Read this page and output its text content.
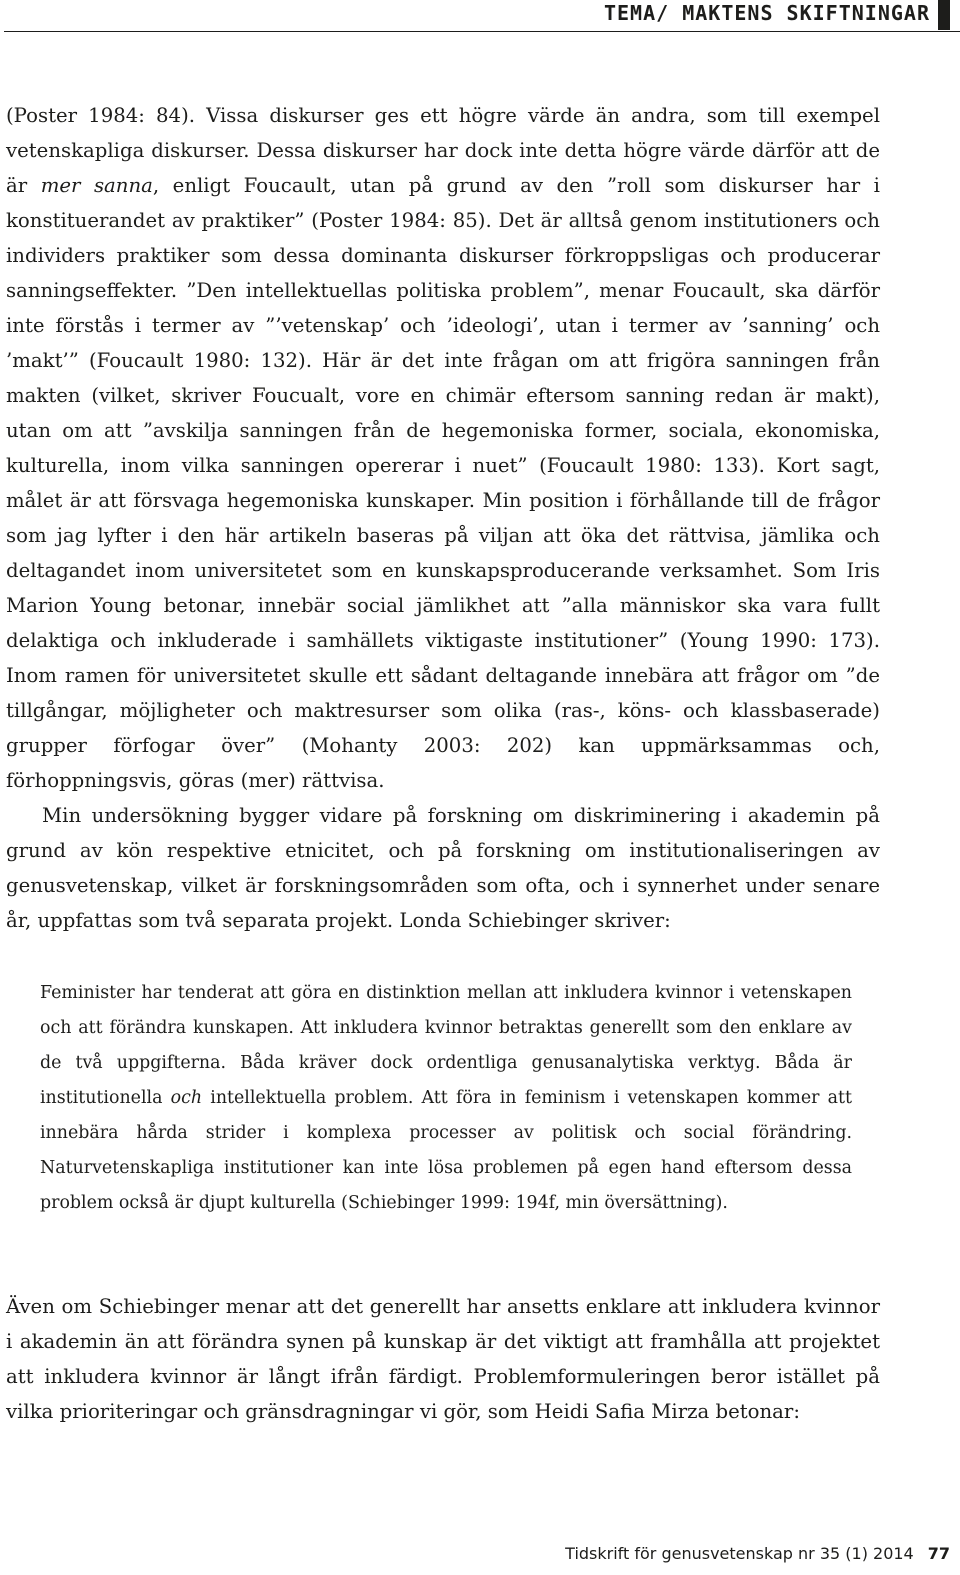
TEMA/ MAKTENS SKIFTNINGAR

(Poster 1984: 84). Vissa diskurser ges ett högre värde än andra, som till exempel vetenskapliga diskurser. Dessa diskurser har dock inte detta högre värde därför att de är mer sanna, enligt Foucault, utan på grund av den ”roll som diskurser har i konstituerandet av praktiker” (Poster 1984: 85). Det är alltså genom institutioners och individers praktiker som dessa dominanta diskurser förkroppsligas och producerar sanningseffekter. ”Den intellektuellas politiska problem”, menar Foucault, ska därför inte förstås i termer av ”’vetenskap’ och ’ideologi’, utan i termer av ’sanning’ och ’makt’” (Foucault 1980: 132). Här är det inte frågan om att frigöra sanningen från makten (vilket, skriver Foucualt, vore en chimär eftersom sanning redan är makt), utan om att ”avskilja sanningen från de hegemoniska former, sociala, ekonomiska, kulturella, inom vilka sanningen opererar i nuet” (Foucault 1980: 133). Kort sagt, målet är att försvaga hegemoniska kunskaper. Min position i förhållande till de frågor som jag lyfter i den här artikeln baseras på viljan att öka det rättvisa, jämlika och deltagandet inom universitetet som en kunskapsproducerande verksamhet. Som Iris Marion Young betonar, innebär social jämlikhet att ”alla människor ska vara fullt delaktiga och inkluderade i samhällets viktigaste institutioner” (Young 1990: 173). Inom ramen för universitetet skulle ett sådant deltagande innebära att frågor om ”de tillgångar, möjligheter och maktresurser som olika (ras-, köns- och klassbaserade) grupper förfogar över” (Mohanty 2003: 202) kan uppmärksammas och, förhoppningsvis, göras (mer) rättvisa.

Min undersökning bygger vidare på forskning om diskriminering i akademin på grund av kön respektive etnicitet, och på forskning om institutionaliseringen av genusvetenskap, vilket är forskningsområden som ofta, och i synnerhet under senare år, uppfattas som två separata projekt. Londa Schiebinger skriver:

Feminister har tenderat att göra en distinktion mellan att inkludera kvinnor i vetenskapen och att förändra kunskapen. Att inkludera kvinnor betraktas generellt som den enklare av de två uppgifterna. Båda kräver dock ordentliga genusanalytiska verktyg. Båda är institutionella och intellektuella problem. Att föra in feminism i vetenskapen kommer att innebära hårda strider i komplexa processer av politisk och social förändring. Naturvetenskapliga institutioner kan inte lösa problemen på egen hand eftersom dessa problem också är djupt kulturella (Schiebinger 1999: 194f, min översättning).

Även om Schiebinger menar att det generellt har ansetts enklare att inkludera kvinnor i akademin än att förändra synen på kunskap är det viktigt att framhålla att projektet att inkludera kvinnor är långt ifrån färdigt. Problemformuleringen beror istället på vilka prioriteringar och gränsdragningar vi gör, som Heidi Safia Mirza betonar:

Tidskrift för genusvetenskap nr 35 (1) 2014 77
